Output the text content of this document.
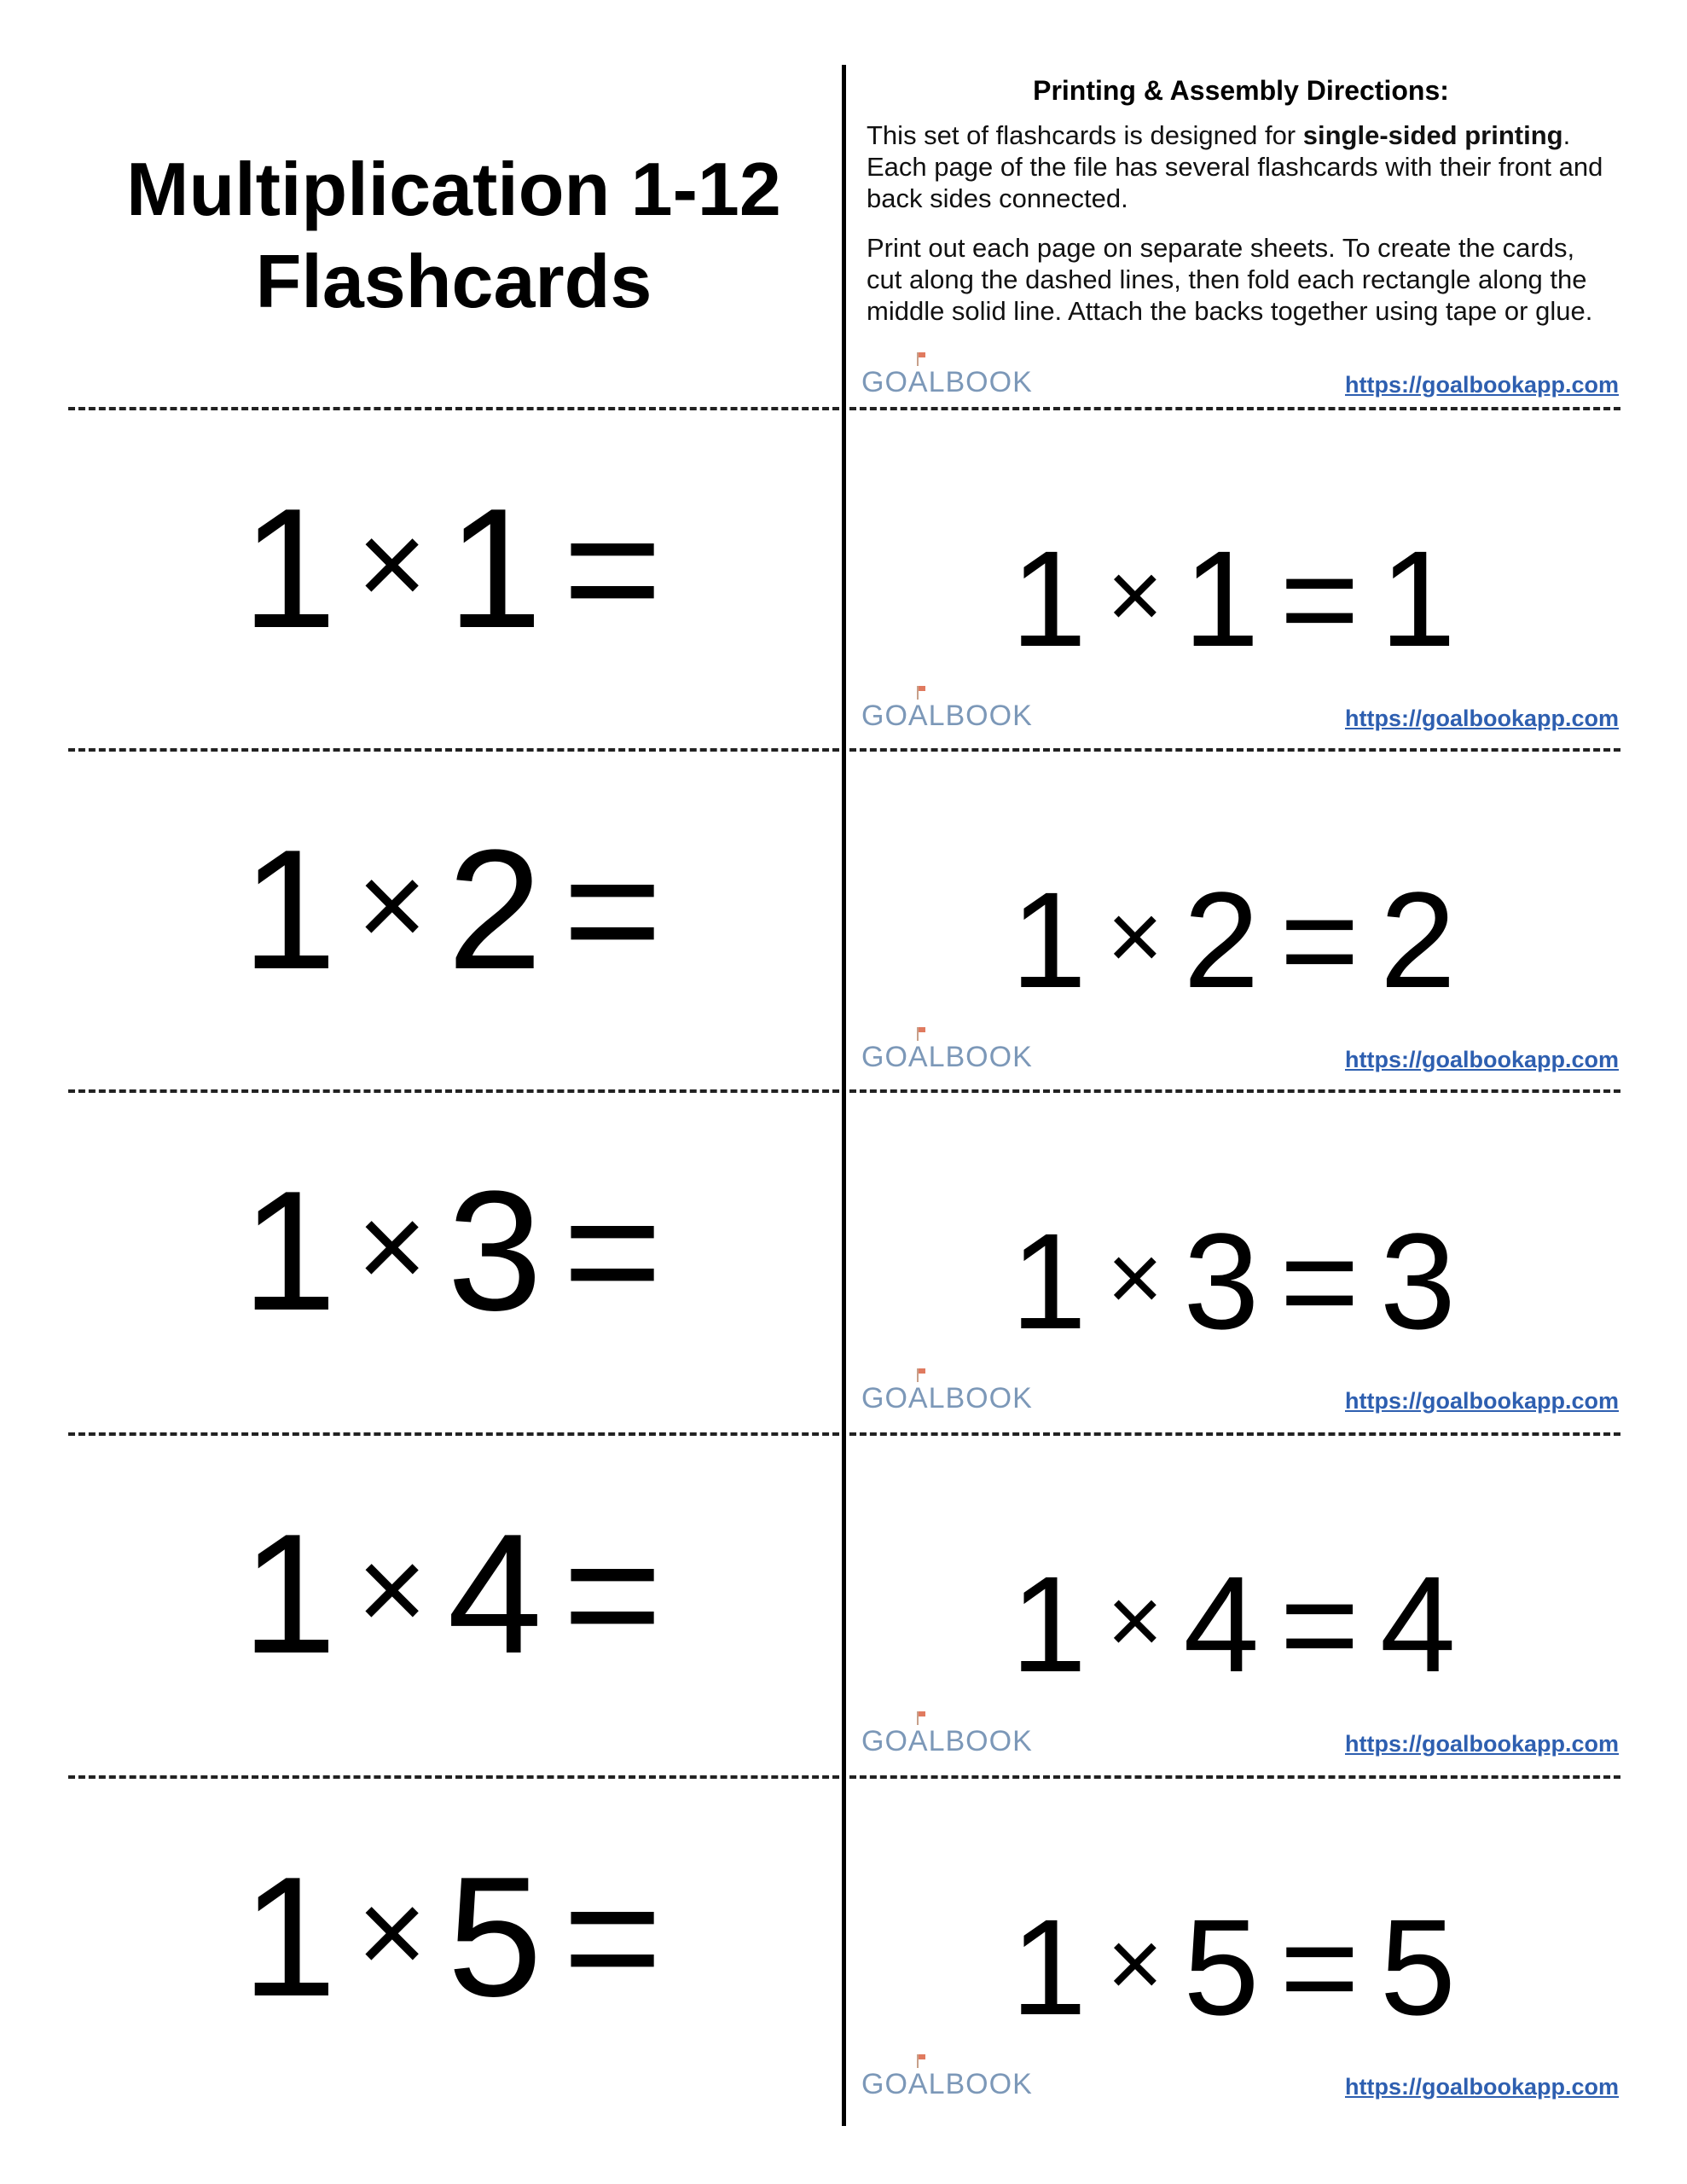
Multiplication 1-12
Flashcards
Printing & Assembly Directions:
This set of flashcards is designed for single-sided printing. Each page of the file has several flashcards with their front and back sides connected.
Print out each page on separate sheets. To create the cards, cut along the dashed lines, then fold each rectangle along the middle solid line. Attach the backs together using tape or glue.
GO A LBOOK	https://goalbookapp.com
1 × 1 =	1 × 1 = 1
GO A LBOOK	https://goalbookapp.com
1 × 2 =	1 × 2 = 2
GO A LBOOK	https://goalbookapp.com
1 × 3 =	1 × 3 = 3
GO A LBOOK	https://goalbookapp.com
1 × 4 =	1 × 4 = 4
GO A LBOOK	https://goalbookapp.com
1 × 5 =	1 × 5 = 5
GO A LBOOK	https://goalbookapp.com
